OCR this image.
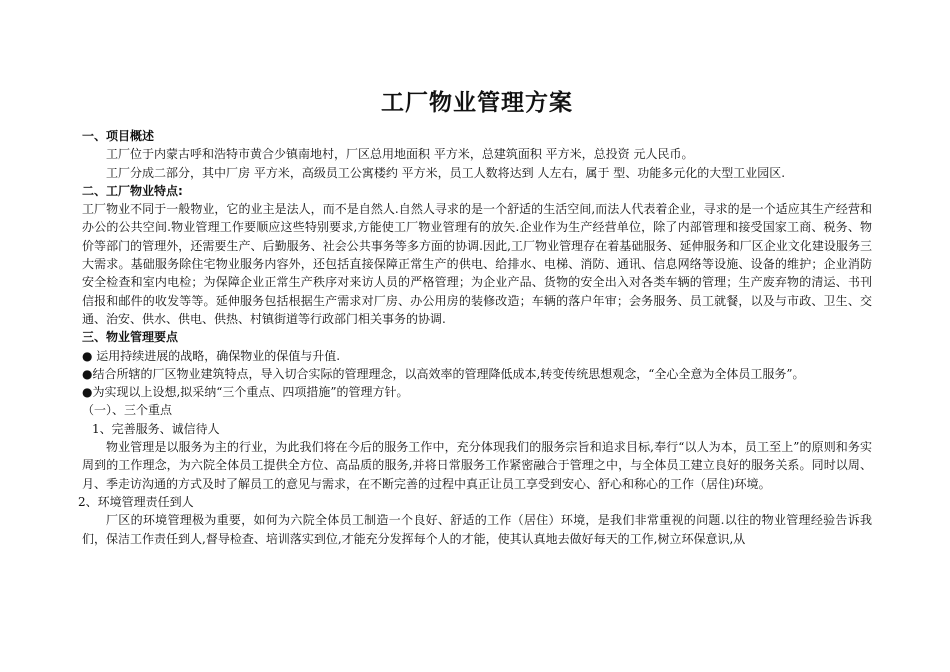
工厂物业管理方案

一、项目概述

工厂位于内蒙古呼和浩特市黄合少镇南地村，厂区总用地面积 平方米，总建筑面积 平方米，总投资 元人民币。

工厂分成二部分，其中厂房 平方米，高级员工公寓楼约 平方米，员工人数将达到 人左右，属于 型、功能多元化的大型工业园区.

二、工厂物业特点:

工厂物业不同于一般物业，它的业主是法人，而不是自然人.自然人寻求的是一个舒适的生活空间,而法人代表着企业，寻求的是一个适应其生产经营和办公的公共空间.物业管理工作要顺应这些特别要求,方能使工厂物业管理有的放矢.企业作为生产经营单位，除了内部管理和接受国家工商、税务、物价等部门的管理外，还需要生产、后勤服务、社会公共事务等多方面的协调.因此,工厂物业管理存在着基础服务、延伸服务和厂区企业文化建设服务三大需求。基础服务除住宅物业服务内容外，还包括直接保障正常生产的供电、给排水、电梯、消防、通讯、信息网络等设施、设备的维护；企业消防安全检查和室内电检；为保障企业正常生产秩序对来访人员的严格管理；为企业产品、货物的安全出入对各类车辆的管理；生产废弃物的清运、书刊信报和邮件的收发等等。延伸服务包括根据生产需求对厂房、办公用房的装修改造；车辆的落户年审；会务服务、员工就餐，以及与市政、卫生、交通、治安、供水、供电、供热、村镇街道等行政部门相关事务的协调.

三、物业管理要点

● 运用持续进展的战略，确保物业的保值与升值.

●结合所辖的厂区物业建筑特点，导入切合实际的管理理念，以高效率的管理降低成本,转变传统思想观念，“全心全意为全体员工服务”。

●为实现以上设想,拟采纳“三个重点、四项措施”的管理方针。

（一）、三个重点

1、完善服务、诚信待人

物业管理是以服务为主的行业，为此我们将在今后的服务工作中，充分体现我们的服务宗旨和追求目标,奉行“以人为本，员工至上”的原则和务实周到的工作理念，为六院全体员工提供全方位、高品质的服务,并将日常服务工作紧密融合于管理之中，与全体员工建立良好的服务关系。同时以周、月、季走访沟通的方式及时了解员工的意见与需求，在不断完善的过程中真正让员工享受到安心、舒心和称心的工作（居住)环境。

2、环境管理责任到人

厂区的环境管理极为重要，如何为六院全体员工制造一个良好、舒适的工作（居住）环境，是我们非常重视的问题.以往的物业管理经验告诉我们，保洁工作责任到人,督导检查、培训落实到位,才能充分发挥每个人的才能，使其认真地去做好每天的工作,树立环保意识,从
